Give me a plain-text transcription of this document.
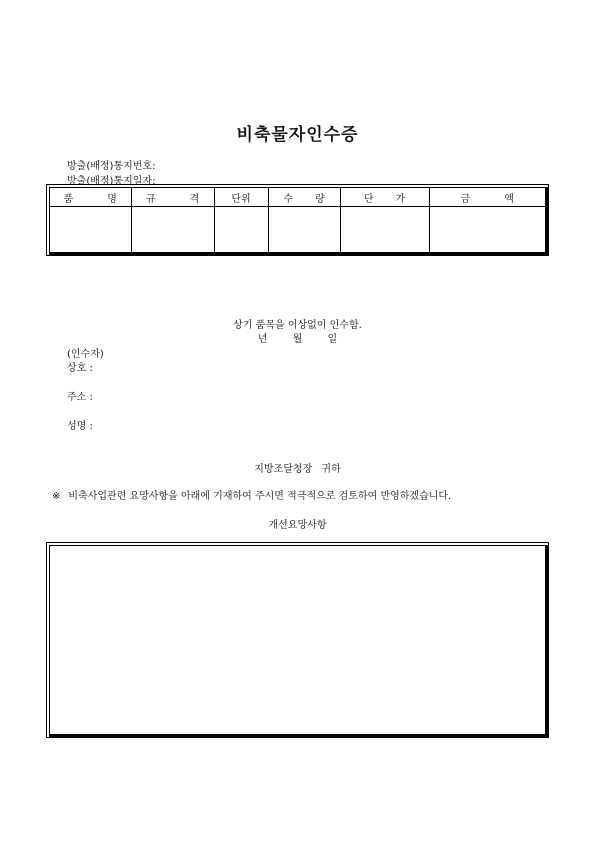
비축물자인수증
방출(배정)통지번호:
방출(배정)통지일자:
품 명	규 격	단위	수 량	단 가	금 액

상기 품목을 이상없이 인수함.
년 월 일
(인수자)
상호 :
주소 :
성명 :
지방조달청장 귀하
※ 비축사업관련 요망사항을 아래에 기재하여 주시면 적극적으로 검토하여 반영하겠습니다.
개선요망사항
